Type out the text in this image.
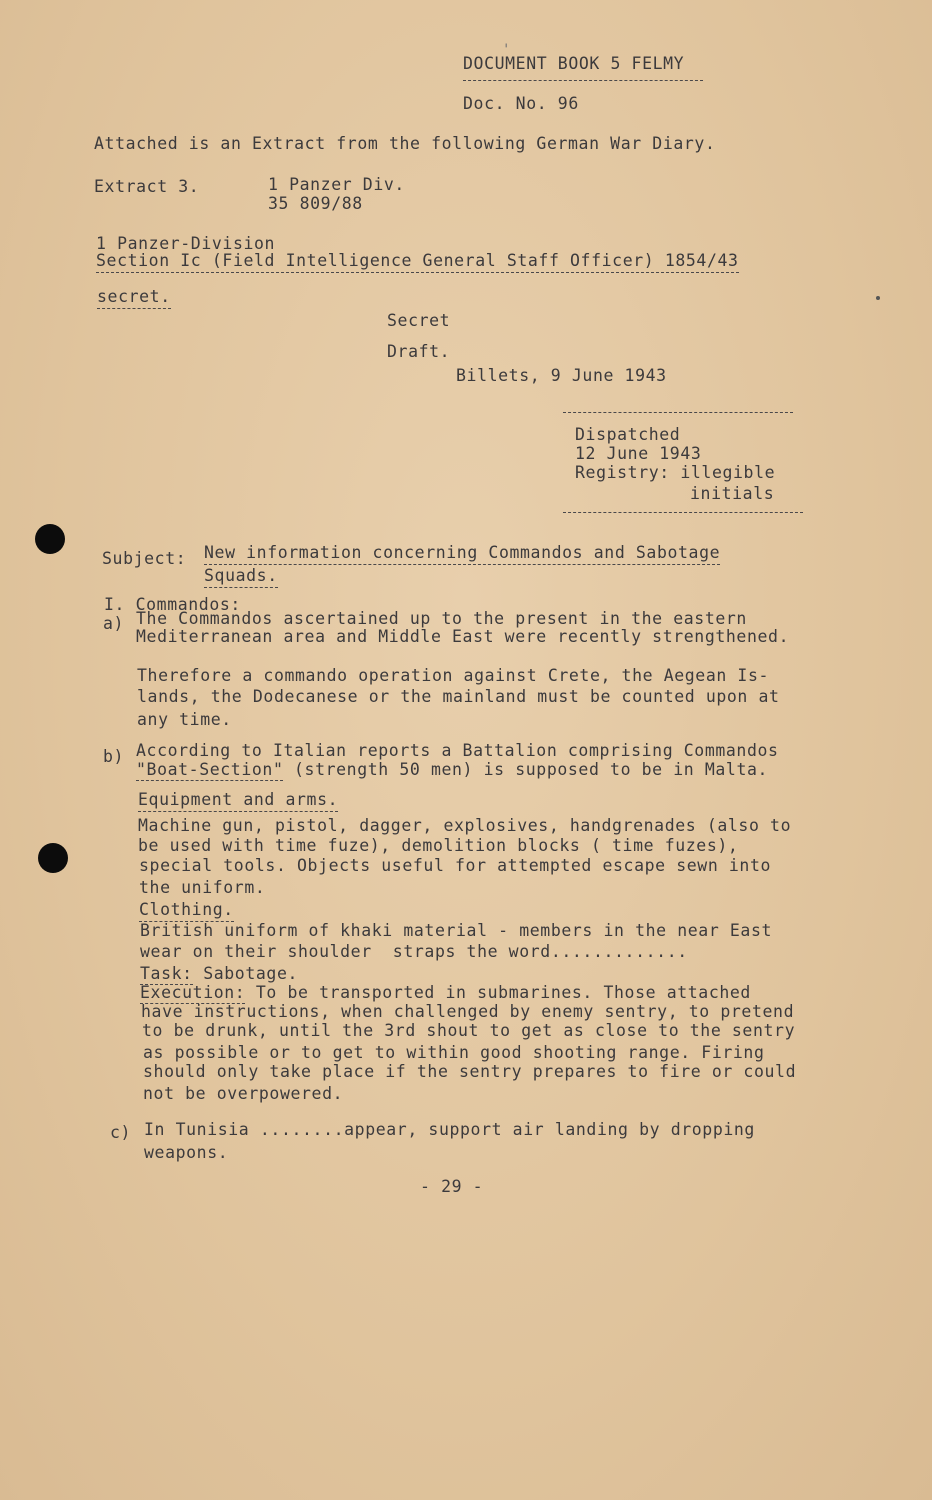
'
DOCUMENT BOOK 5 FELMY
Doc. No. 96
Attached is an Extract from the following German War Diary.
Extract 3.	1 Panzer Div.
35 809/88
1 Panzer-Division
Section Ic (Field Intelligence General Staff Officer) 1854/43
secret.
Secret
Draft.
Billets, 9 June 1943
Dispatched
12 June 1943
Registry: illegible
initials
Subject: New information concerning Commandos and Sabotage
Squads.
I. Commandos:
a) The Commandos ascertained up to the present in the eastern
Mediterranean area and Middle East were recently strengthened.
Therefore a commando operation against Crete, the Aegean Is-
lands, the Dodecanese or the mainland must be counted upon at
any time.
b) According to Italian reports a Battalion comprising Commandos
"Boat-Section" (strength 50 men) is supposed to be in Malta.
Equipment and arms.
Machine gun, pistol, dagger, explosives, handgrenades (also to
be used with time fuze), demolition blocks ( time fuzes),
special tools. Objects useful for attempted escape sewn into
the uniform.
Clothing.
British uniform of khaki material - members in the near East
wear on their shoulder  straps the word.............
Task: Sabotage.
Execution: To be transported in submarines. Those attached
have instructions, when challenged by enemy sentry, to pretend
to be drunk, until the 3rd shout to get as close to the sentry
as possible or to get to within good shooting range. Firing
should only take place if the sentry prepares to fire or could
not be overpowered.
c) In Tunisia ........appear, support air landing by dropping
weapons.
- 29 -
